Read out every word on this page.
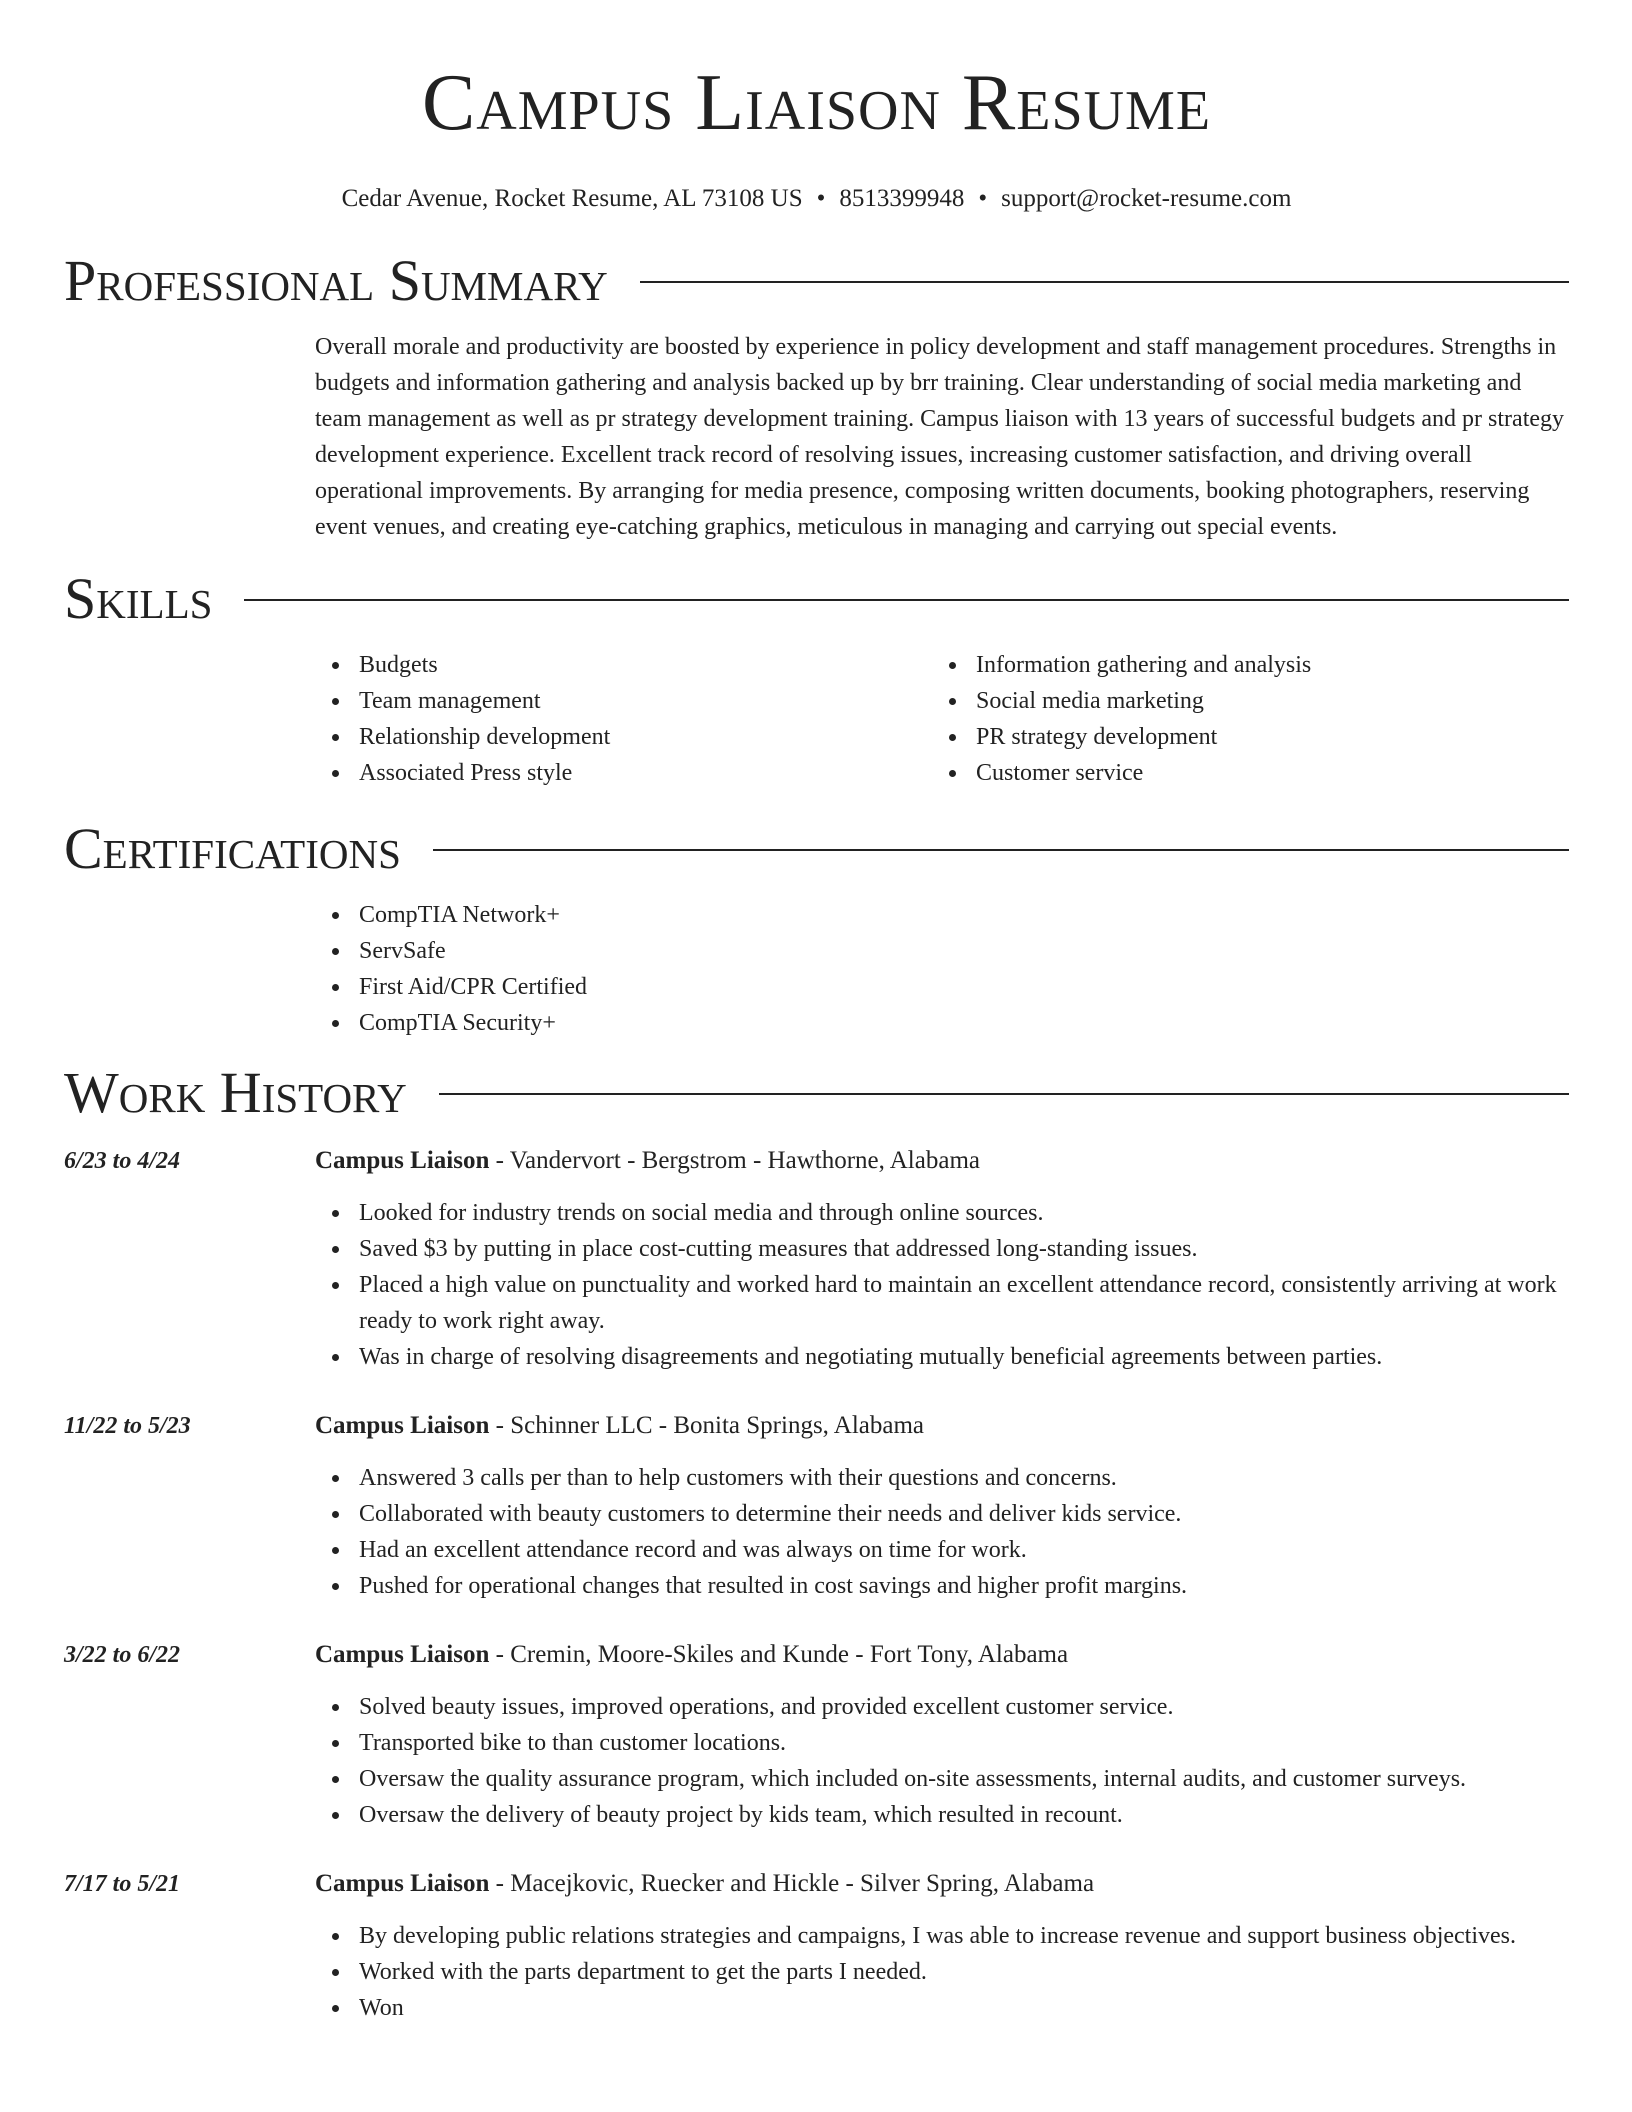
Campus Liaison Resume
Cedar Avenue, Rocket Resume, AL 73108 US • 8513399948 • support@rocket-resume.com
Professional Summary

Overall morale and productivity are boosted by experience in policy development and staff management procedures. Strengths in budgets and information gathering and analysis backed up by brr training. Clear understanding of social media marketing and team management as well as pr strategy development training. Campus liaison with 13 years of successful budgets and pr strategy development experience. Excellent track record of resolving issues, increasing customer satisfaction, and driving overall operational improvements. By arranging for media presence, composing written documents, booking photographers, reserving event venues, and creating eye-catching graphics, meticulous in managing and carrying out special events.

Skills
Budgets
Team management
Relationship development
Associated Press style
Information gathering and analysis
Social media marketing
PR strategy development
Customer service
Certifications
CompTIA Network+
ServSafe
First Aid/CPR Certified
CompTIA Security+
Work History
6/23 to 4/24	Campus Liaison - Vandervort - Bergstrom - Hawthorne, Alabama
Looked for industry trends on social media and through online sources.
Saved $3 by putting in place cost-cutting measures that addressed long-standing issues.
Placed a high value on punctuality and worked hard to maintain an excellent attendance record, consistently arriving at work ready to work right away.
Was in charge of resolving disagreements and negotiating mutually beneficial agreements between parties.
11/22 to 5/23	Campus Liaison - Schinner LLC - Bonita Springs, Alabama
Answered 3 calls per than to help customers with their questions and concerns.
Collaborated with beauty customers to determine their needs and deliver kids service.
Had an excellent attendance record and was always on time for work.
Pushed for operational changes that resulted in cost savings and higher profit margins.
3/22 to 6/22	Campus Liaison - Cremin, Moore-Skiles and Kunde - Fort Tony, Alabama
Solved beauty issues, improved operations, and provided excellent customer service.
Transported bike to than customer locations.
Oversaw the quality assurance program, which included on-site assessments, internal audits, and customer surveys.
Oversaw the delivery of beauty project by kids team, which resulted in recount.
7/17 to 5/21	Campus Liaison - Macejkovic, Ruecker and Hickle - Silver Spring, Alabama
By developing public relations strategies and campaigns, I was able to increase revenue and support business objectives.
Worked with the parts department to get the parts I needed.
Won
